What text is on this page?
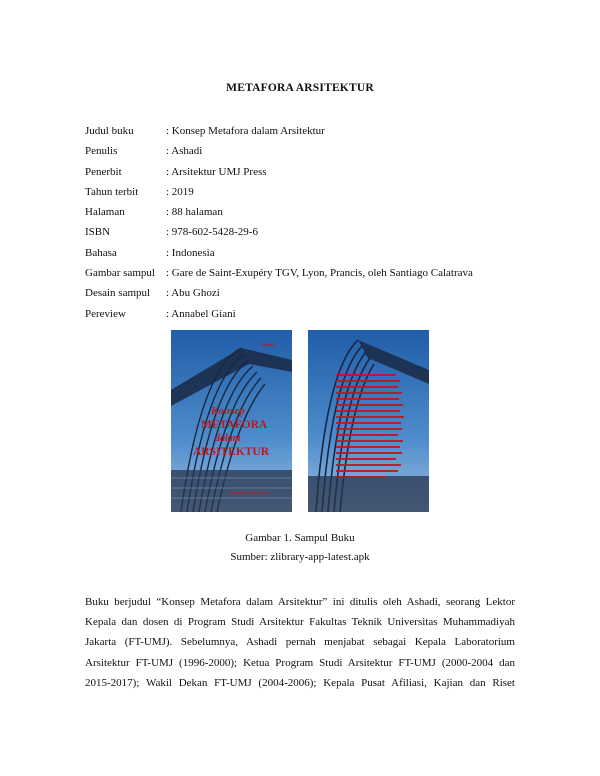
METAFORA ARSITEKTUR
Judul buku	: Konsep Metafora dalam Arsitektur
Penulis	: Ashadi
Penerbit	: Arsitektur UMJ Press
Tahun terbit	: 2019
Halaman	: 88 halaman
ISBN	: 978-602-5428-29-6
Bahasa	: Indonesia
Gambar sampul : Gare de Saint-Exupéry TGV, Lyon, Prancis, oleh Santiago Calatrava
Desain sampul : Abu Ghozi
Pereview	: Annabel Giani
Ashadi
Konsep
METAFORA
dalam
ARSITEKTUR
Arsitektur UMJ Press
Gambar 1. Sampul Buku
Sumber: zlibrary-app-latest.apk
Buku berjudul “Konsep Metafora dalam Arsitektur” ini ditulis oleh Ashadi, seorang Lektor
Kepala dan dosen di Program Studi Arsitektur Fakultas Teknik Universitas Muhammadiyah
Jakarta (FT-UMJ). Sebelumnya, Ashadi pernah menjabat sebagai Kepala Laboratorium
Arsitektur FT-UMJ (1996-2000); Ketua Program Studi Arsitektur FT-UMJ (2000-2004 dan
2015-2017); Wakil Dekan FT-UMJ (2004-2006); Kepala Pusat Afiliasi, Kajian dan Riset
